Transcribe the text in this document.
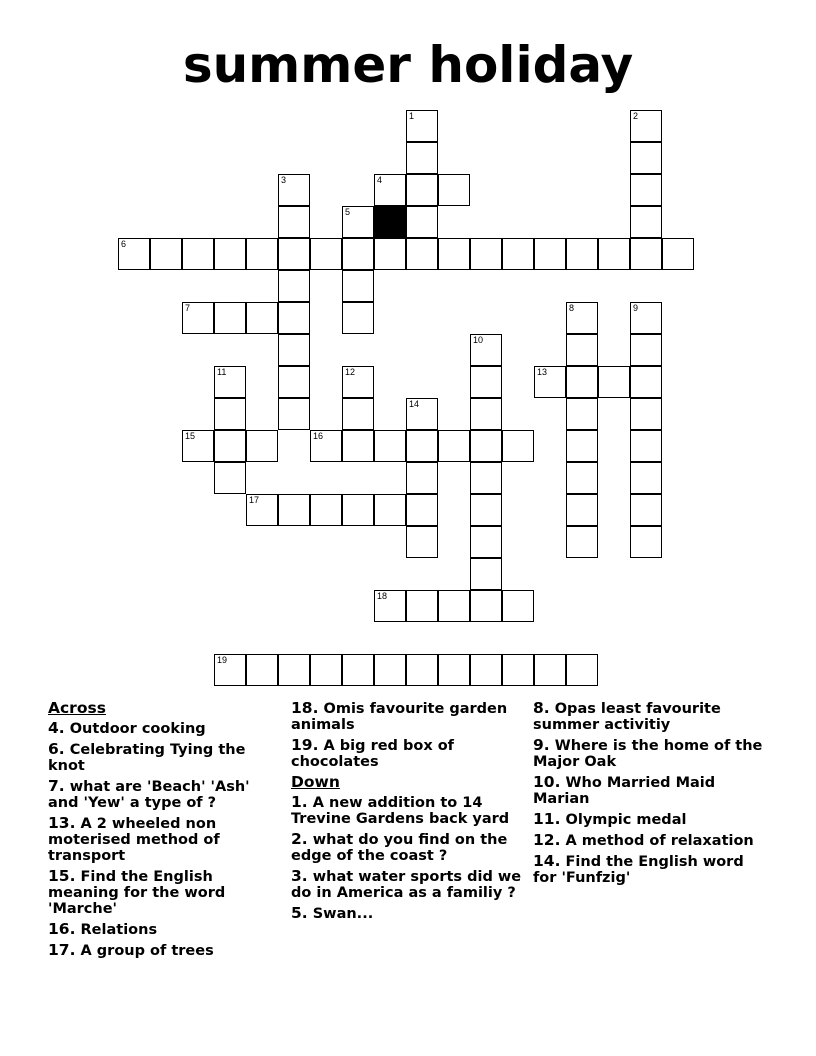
summer holiday
1	2
3	4
5
6
7	8	9
10
11	12	13
14
15	16
17
18
19
Across
4. Outdoor cooking
6. Celebrating Tying the knot
7. what are 'Beach' 'Ash' and 'Yew' a type of ?
13. A 2 wheeled non moterised method of transport
15. Find the English meaning for the word 'Marche'
16. Relations
17. A group of trees
18. Omis favourite garden animals
19. A big red box of chocolates
Down
1. A new addition to 14 Trevine Gardens back yard
2. what do you find on the edge of the coast ?
3. what water sports did we do in America as a familiy ?
5. Swan...
8. Opas least favourite summer activitiy
9. Where is the home of the Major Oak
10. Who Married Maid Marian
11. Olympic medal
12. A method of relaxation
14. Find the English word for 'Funfzig'
